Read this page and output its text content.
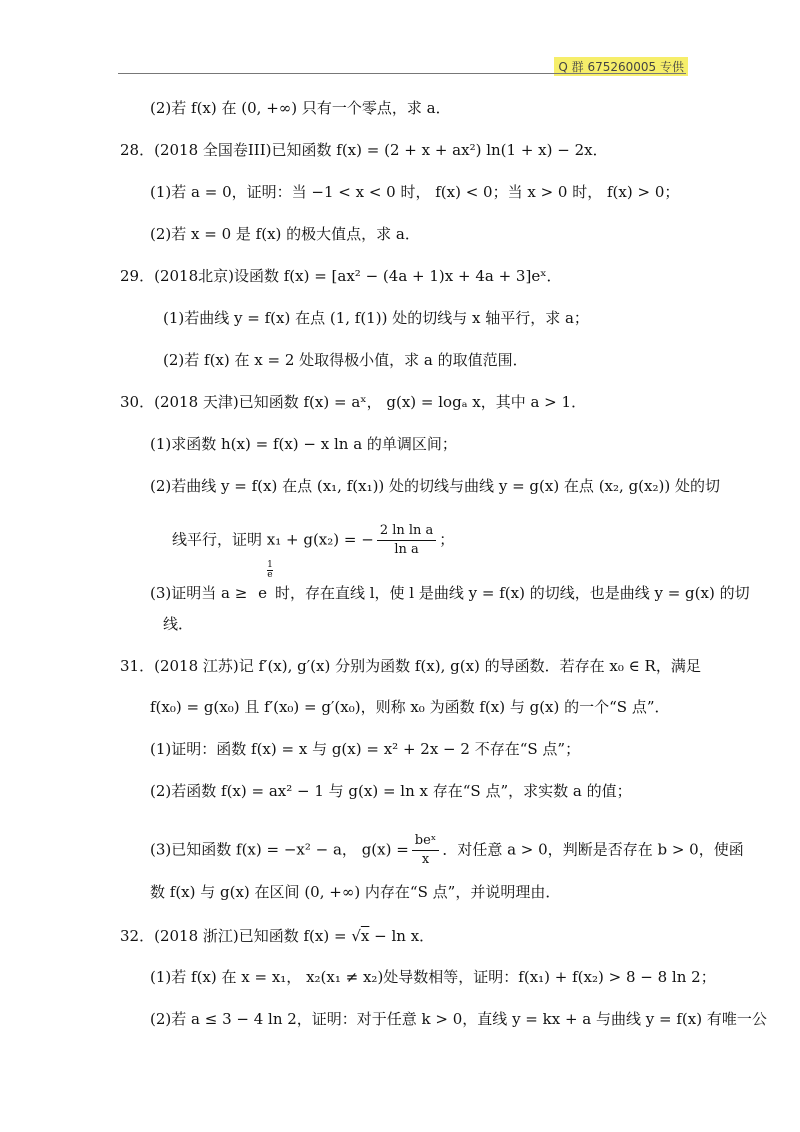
Q 群 675260005 专供
(2)若 f(x) 在 (0, +∞) 只有一个零点，求 a．
28．(2018 全国卷III)已知函数 f(x) = (2 + x + ax²) ln(1 + x) − 2x．
(1)若 a = 0，证明：当 −1 < x < 0 时， f(x) < 0；当 x > 0 时， f(x) > 0；
(2)若 x = 0 是 f(x) 的极大值点，求 a．
29．(2018北京)设函数 f(x) = [ax² − (4a + 1)x + 4a + 3]eˣ．
(1)若曲线 y = f(x) 在点 (1, f(1)) 处的切线与 x 轴平行，求 a；
(2)若 f(x) 在 x = 2 处取得极小值，求 a 的取值范围．
30．(2018 天津)已知函数 f(x) = aˣ， g(x) = logₐ x，其中 a > 1．
(1)求函数 h(x) = f(x) − x ln a 的单调区间；
(2)若曲线 y = f(x) 在点 (x₁, f(x₁)) 处的切线与曲线 y = g(x) 在点 (x₂, g(x₂)) 处的切
线平行，证明 x₁ + g(x₂) = − $\frac{\text{2 ln ln a}}{\text{ln a}}$ ；
(3)证明当 a ≥ e
$\frac{1}{e}$
时，存在直线 l，使 l 是曲线 y = f(x) 的切线，也是曲线 y = g(x) 的切
线．
31．(2018 江苏)记 f′(x), g′(x) 分别为函数 f(x), g(x) 的导函数．若存在 x₀ ∈ R，满足
f(x₀) = g(x₀) 且 f′(x₀) = g′(x₀)，则称 x₀ 为函数 f(x) 与 g(x) 的一个“S 点”．
(1)证明：函数 f(x) = x 与 g(x) = x² + 2x − 2 不存在“S 点”；
(2)若函数 f(x) = ax² − 1 与 g(x) = ln x 存在“S 点”，求实数 a 的值；
(3)已知函数 f(x) = −x² − a， $g(x) = \frac{\text{beˣ}}{x}$ ．对任意 a > 0，判断是否存在 b > 0，使函
数 f(x) 与 g(x) 在区间 (0, +∞) 内存在“S 点”，并说明理由．
32．(2018 浙江)已知函数 f(x) = √x − ln x．
(1)若 f(x) 在 x = x₁， x₂(x₁ ≠ x₂)处导数相等，证明：f(x₁) + f(x₂) > 8 − 8 ln 2；
(2)若 a ≤ 3 − 4 ln 2，证明：对于任意 k > 0，直线 y = kx + a 与曲线 y = f(x) 有唯一公
